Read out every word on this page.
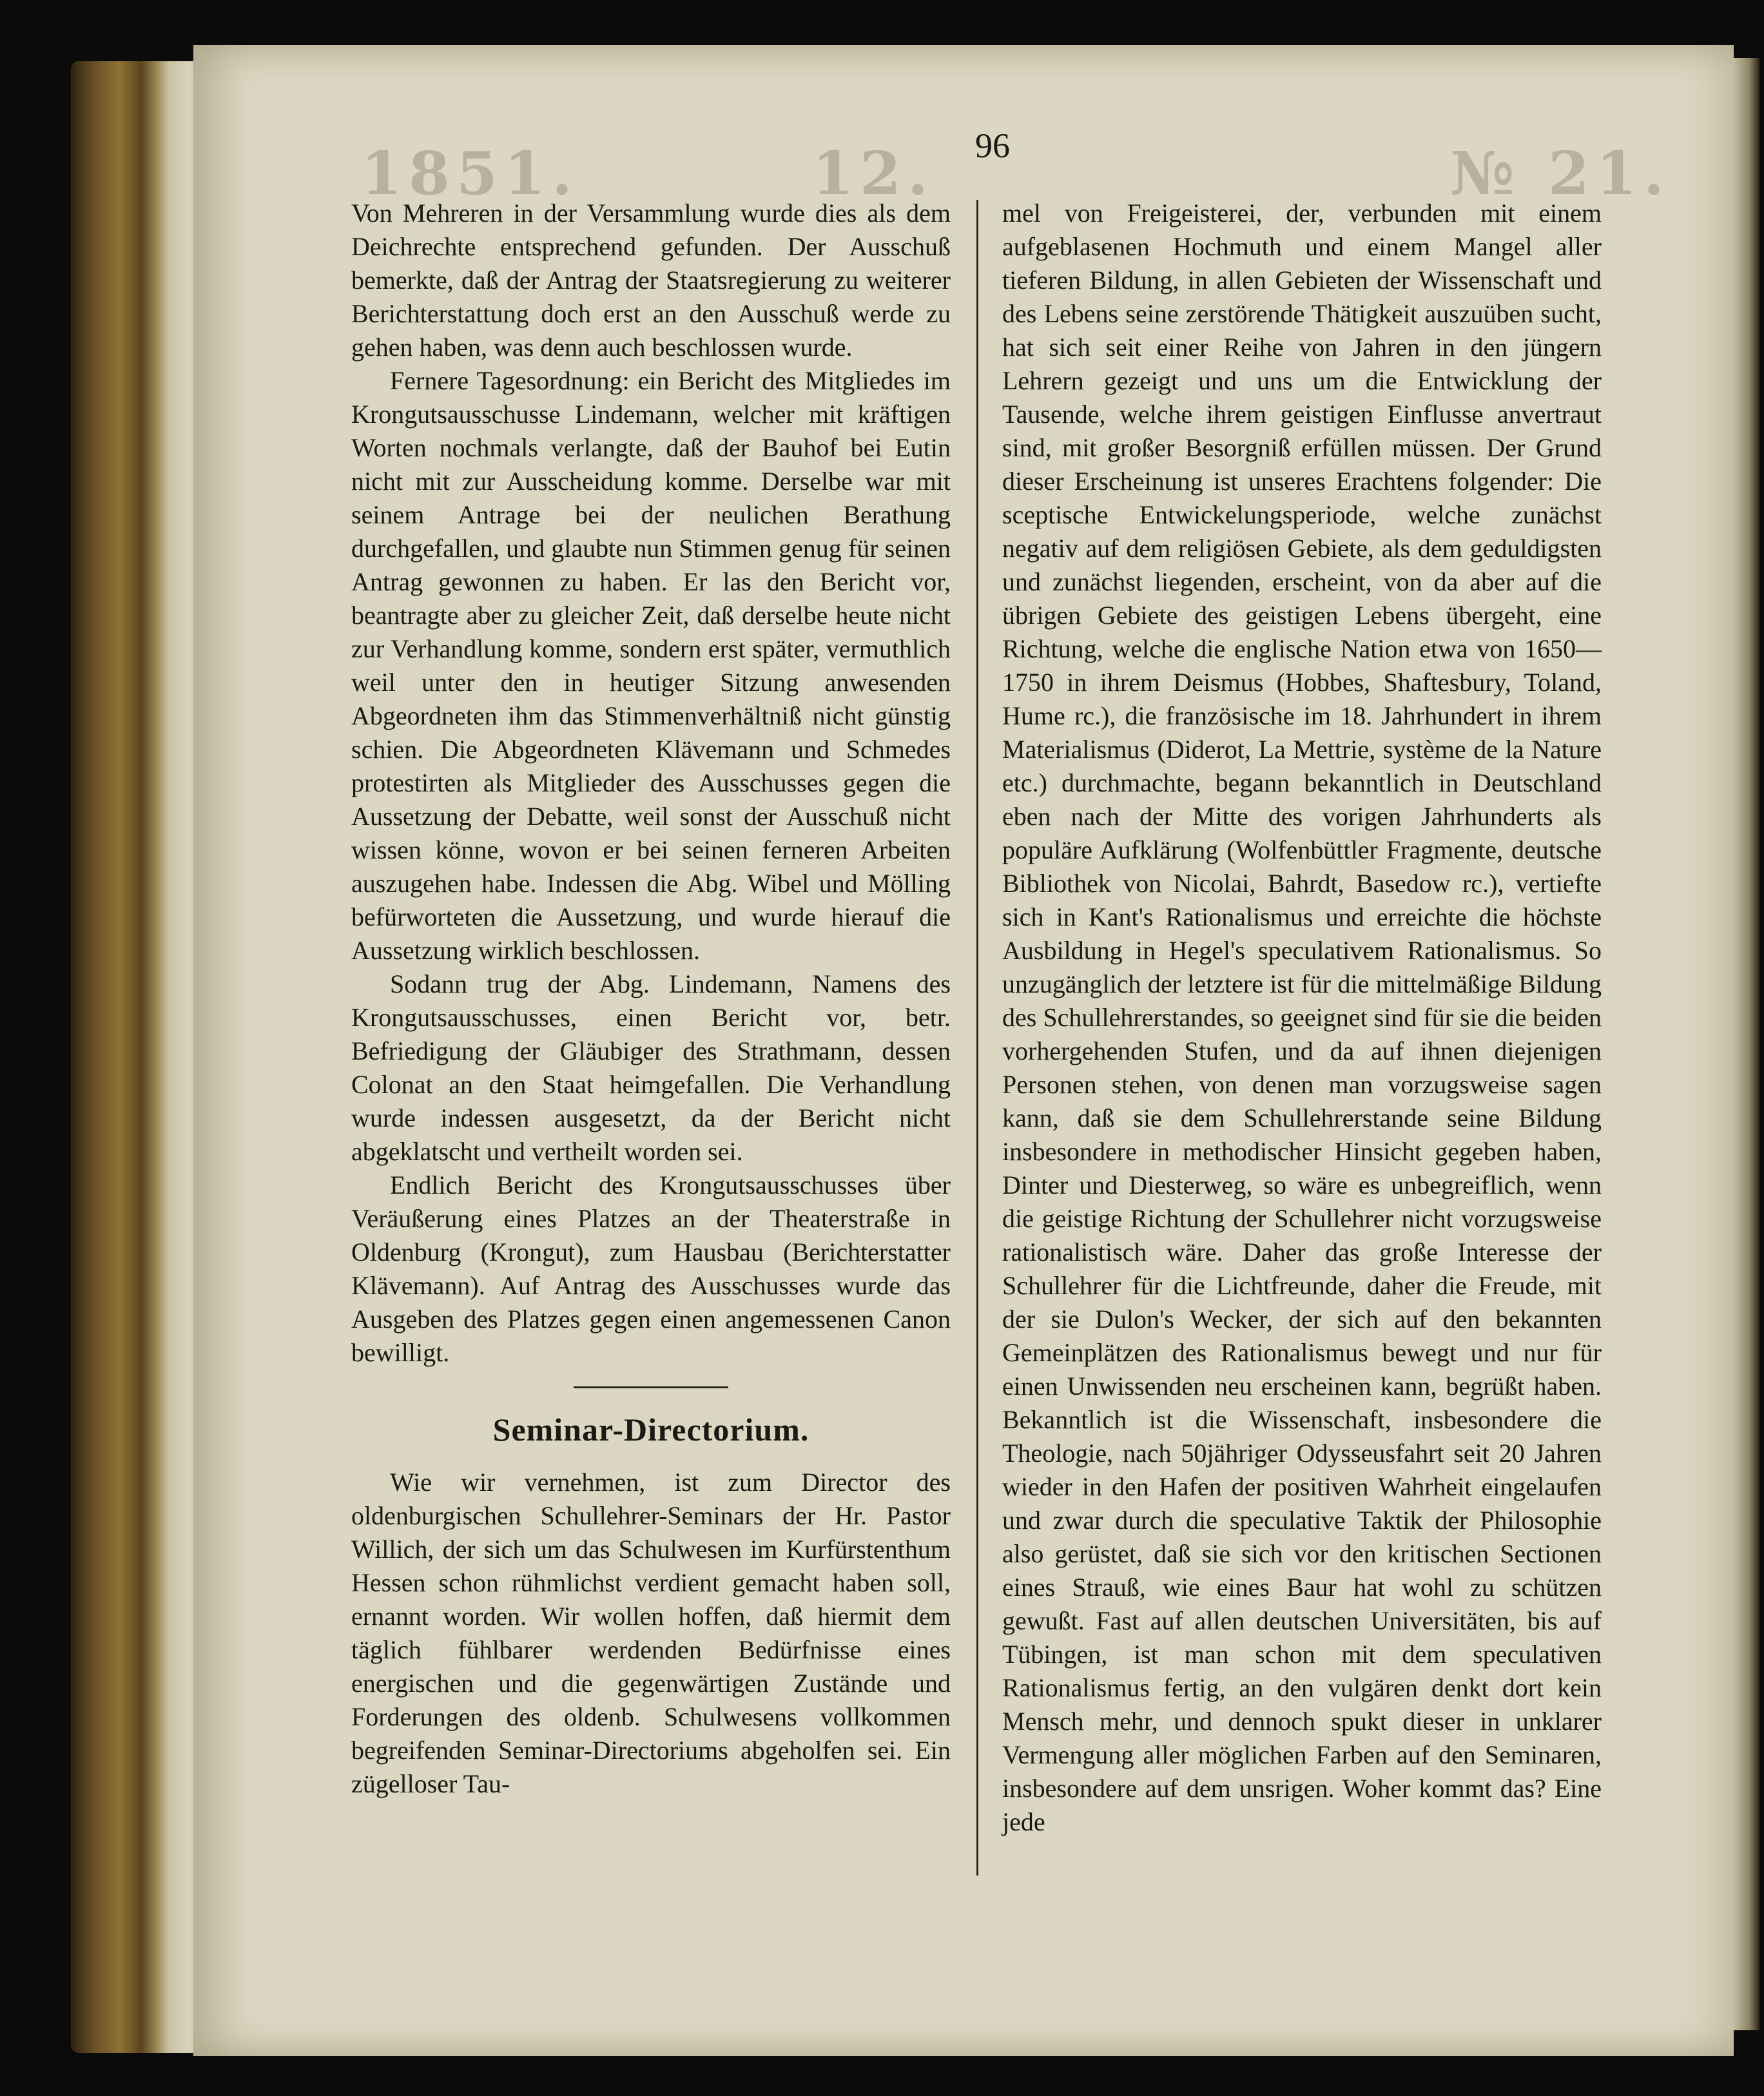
1851.	12.	№ 21.
96

Von Mehreren in der Versammlung wurde dies als dem Deichrechte entsprechend gefunden. Der Ausschuß bemerkte, daß der Antrag der Staatsregierung zu weiterer Berichterstattung doch erst an den Ausschuß werde zu gehen haben, was denn auch beschlossen wurde.

Fernere Tagesordnung: ein Bericht des Mitgliedes im Krongutsausschusse Lindemann, welcher mit kräftigen Worten nochmals verlangte, daß der Bauhof bei Eutin nicht mit zur Ausscheidung komme. Derselbe war mit seinem Antrage bei der neulichen Berathung durchgefallen, und glaubte nun Stimmen genug für seinen Antrag gewonnen zu haben. Er las den Bericht vor, beantragte aber zu gleicher Zeit, daß derselbe heute nicht zur Verhandlung komme, sondern erst später, vermuthlich weil unter den in heutiger Sitzung anwesenden Abgeordneten ihm das Stimmenverhältniß nicht günstig schien. Die Abgeordneten Klävemann und Schmedes protestirten als Mitglieder des Ausschusses gegen die Aussetzung der Debatte, weil sonst der Ausschuß nicht wissen könne, wovon er bei seinen ferneren Arbeiten auszugehen habe. Indessen die Abg. Wibel und Mölling befürworteten die Aussetzung, und wurde hierauf die Aussetzung wirklich beschlossen.

Sodann trug der Abg. Lindemann, Namens des Krongutsausschusses, einen Bericht vor, betr. Befriedigung der Gläubiger des Strathmann, dessen Colonat an den Staat heimgefallen. Die Verhandlung wurde indessen ausgesetzt, da der Bericht nicht abgeklatscht und vertheilt worden sei.

Endlich Bericht des Krongutsausschusses über Veräußerung eines Platzes an der Theaterstraße in Oldenburg (Krongut), zum Hausbau (Berichterstatter Klävemann). Auf Antrag des Ausschusses wurde das Ausgeben des Platzes gegen einen angemessenen Canon bewilligt.

Seminar-Directorium.

Wie wir vernehmen, ist zum Director des oldenburgischen Schullehrer-Seminars der Hr. Pastor Willich, der sich um das Schulwesen im Kurfürstenthum Hessen schon rühmlichst verdient gemacht haben soll, ernannt worden. Wir wollen hoffen, daß hiermit dem täglich fühlbarer werdenden Bedürfnisse eines energischen und die gegenwärtigen Zustände und Forderungen des oldenb. Schulwesens vollkommen begreifenden Seminar-Directoriums abgeholfen sei. Ein zügelloser Tau-

mel von Freigeisterei, der, verbunden mit einem aufgeblasenen Hochmuth und einem Mangel aller tieferen Bildung, in allen Gebieten der Wissenschaft und des Lebens seine zerstörende Thätigkeit auszuüben sucht, hat sich seit einer Reihe von Jahren in den jüngern Lehrern gezeigt und uns um die Entwicklung der Tausende, welche ihrem geistigen Einflusse anvertraut sind, mit großer Besorgniß erfüllen müssen. Der Grund dieser Erscheinung ist unseres Erachtens folgender: Die sceptische Entwickelungsperiode, welche zunächst negativ auf dem religiösen Gebiete, als dem geduldigsten und zunächst liegenden, erscheint, von da aber auf die übrigen Gebiete des geistigen Lebens übergeht, eine Richtung, welche die englische Nation etwa von 1650—1750 in ihrem Deismus (Hobbes, Shaftesbury, Toland, Hume rc.), die französische im 18. Jahrhundert in ihrem Materialismus (Diderot, La Mettrie, système de la Nature etc.) durchmachte, begann bekanntlich in Deutschland eben nach der Mitte des vorigen Jahrhunderts als populäre Aufklärung (Wolfenbüttler Fragmente, deutsche Bibliothek von Nicolai, Bahrdt, Basedow rc.), vertiefte sich in Kant's Rationalismus und erreichte die höchste Ausbildung in Hegel's speculativem Rationalismus. So unzugänglich der letztere ist für die mittelmäßige Bildung des Schullehrerstandes, so geeignet sind für sie die beiden vorhergehenden Stufen, und da auf ihnen diejenigen Personen stehen, von denen man vorzugsweise sagen kann, daß sie dem Schullehrerstande seine Bildung insbesondere in methodischer Hinsicht gegeben haben, Dinter und Diesterweg, so wäre es unbegreiflich, wenn die geistige Richtung der Schullehrer nicht vorzugsweise rationalistisch wäre. Daher das große Interesse der Schullehrer für die Lichtfreunde, daher die Freude, mit der sie Dulon's Wecker, der sich auf den bekannten Gemeinplätzen des Rationalismus bewegt und nur für einen Unwissenden neu erscheinen kann, begrüßt haben. Bekanntlich ist die Wissenschaft, insbesondere die Theologie, nach 50jähriger Odysseusfahrt seit 20 Jahren wieder in den Hafen der positiven Wahrheit eingelaufen und zwar durch die speculative Taktik der Philosophie also gerüstet, daß sie sich vor den kritischen Sectionen eines Strauß, wie eines Baur hat wohl zu schützen gewußt. Fast auf allen deutschen Universitäten, bis auf Tübingen, ist man schon mit dem speculativen Rationalismus fertig, an den vulgären denkt dort kein Mensch mehr, und dennoch spukt dieser in unklarer Vermengung aller möglichen Farben auf den Seminaren, insbesondere auf dem unsrigen. Woher kommt das? Eine jede
